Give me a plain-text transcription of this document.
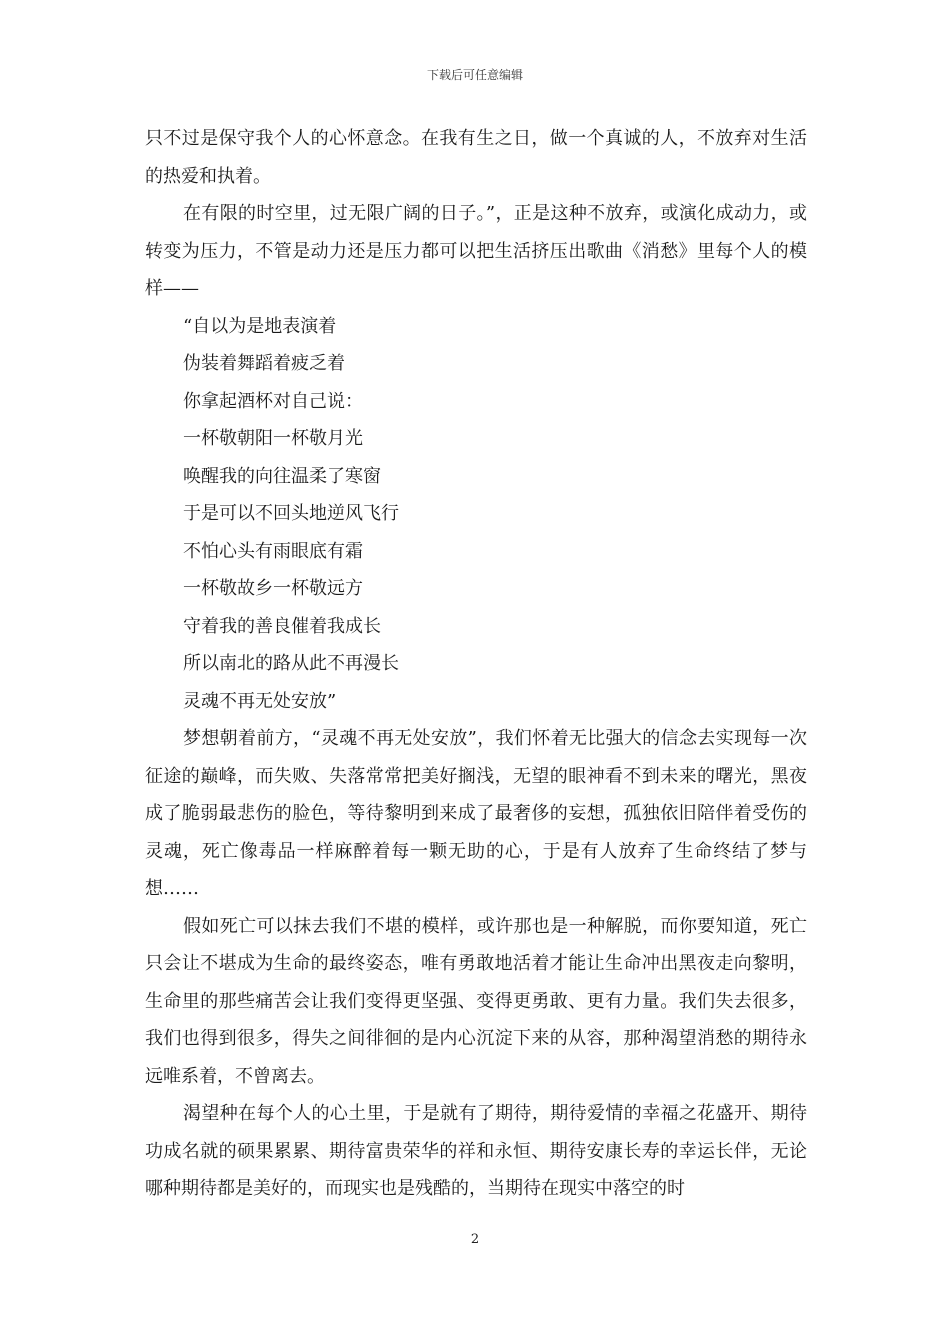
下载后可任意编辑

只不过是保守我个人的心怀意念。在我有生之日，做一个真诚的人，不放弃对生活的热爱和执着。

在有限的时空里，过无限广阔的日子。”，正是这种不放弃，或演化成动力，或转变为压力，不管是动力还是压力都可以把生活挤压出歌曲《消愁》里每个人的模样——

“自以为是地表演着

伪装着舞蹈着疲乏着

你拿起酒杯对自己说：

一杯敬朝阳一杯敬月光

唤醒我的向往温柔了寒窗

于是可以不回头地逆风飞行

不怕心头有雨眼底有霜

一杯敬故乡一杯敬远方

守着我的善良催着我成长

所以南北的路从此不再漫长

灵魂不再无处安放”

梦想朝着前方，“灵魂不再无处安放”，我们怀着无比强大的信念去实现每一次征途的巅峰，而失败、失落常常把美好搁浅，无望的眼神看不到未来的曙光，黑夜成了脆弱最悲伤的脸色，等待黎明到来成了最奢侈的妄想，孤独依旧陪伴着受伤的灵魂，死亡像毒品一样麻醉着每一颗无助的心，于是有人放弃了生命终结了梦与想……

假如死亡可以抹去我们不堪的模样，或许那也是一种解脱，而你要知道，死亡只会让不堪成为生命的最终姿态，唯有勇敢地活着才能让生命冲出黑夜走向黎明，生命里的那些痛苦会让我们变得更坚强、变得更勇敢、更有力量。我们失去很多，我们也得到很多，得失之间徘徊的是内心沉淀下来的从容，那种渴望消愁的期待永远唯系着，不曾离去。

渴望种在每个人的心土里，于是就有了期待，期待爱情的幸福之花盛开、期待功成名就的硕果累累、期待富贵荣华的祥和永恒、期待安康长寿的幸运长伴，无论哪种期待都是美好的，而现实也是残酷的，当期待在现实中落空的时

2
